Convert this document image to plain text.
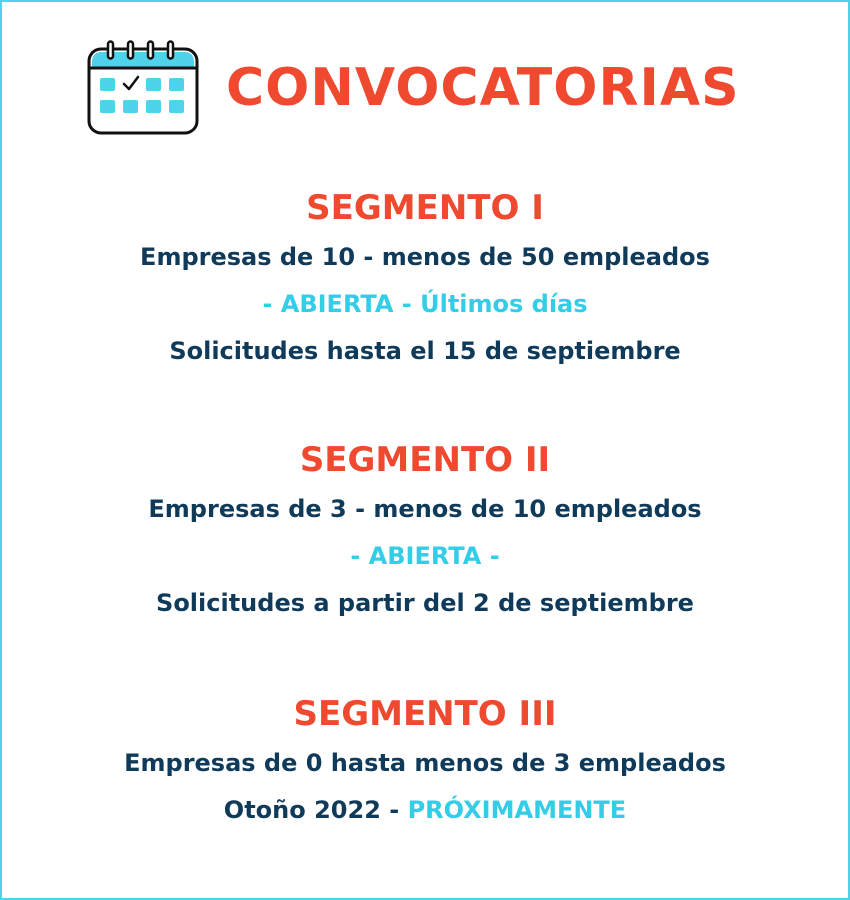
CONVOCATORIAS
SEGMENTO I
Empresas de 10 - menos de 50 empleados
- ABIERTA - Últimos días
Solicitudes hasta el 15 de septiembre
SEGMENTO II
Empresas de 3 - menos de 10 empleados
- ABIERTA -
Solicitudes a partir del 2 de septiembre
SEGMENTO III
Empresas de 0 hasta menos de 3 empleados
Otoño 2022 - PRÓXIMAMENTE
